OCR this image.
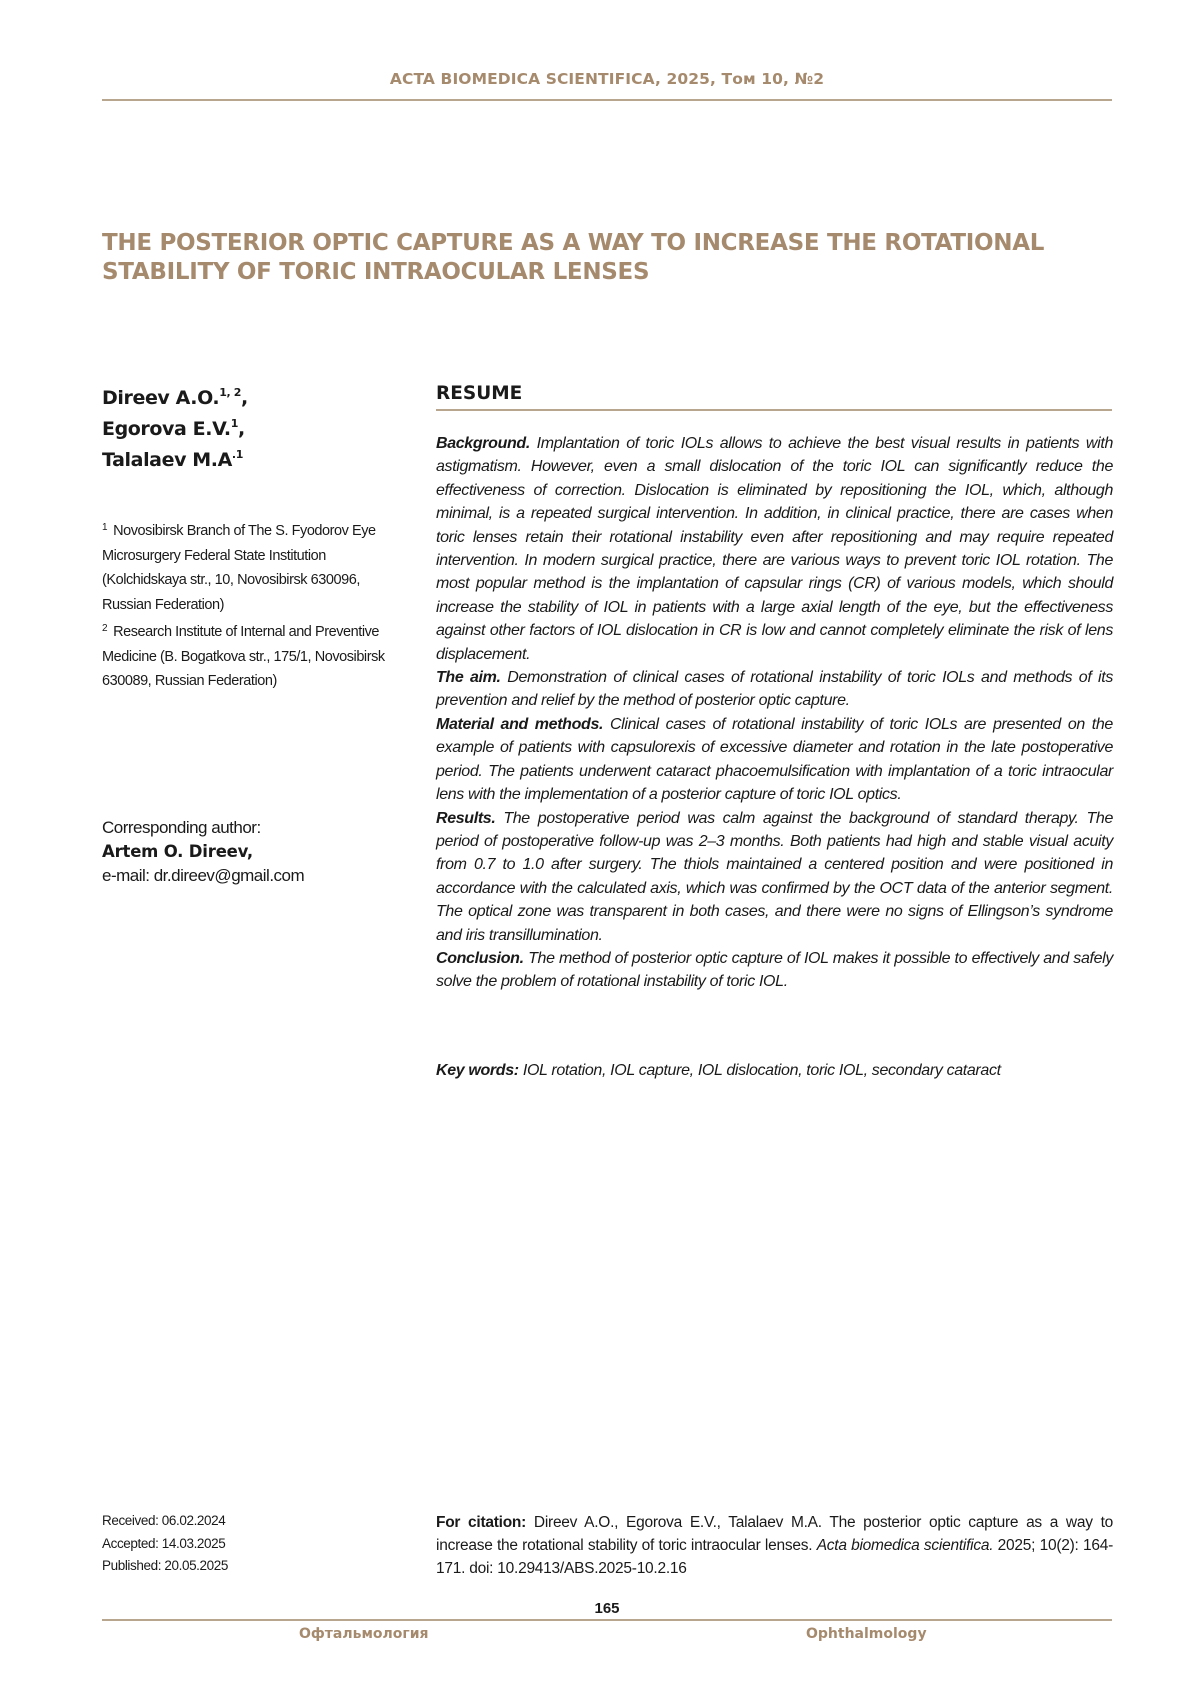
ACTA BIOMEDICA SCIENTIFICA, 2025, Том 10, №2
THE POSTERIOR OPTIC CAPTURE AS A WAY TO INCREASE THE ROTATIONAL STABILITY OF TORIC INTRAOCULAR LENSES
Direev A.O.$^{1, 2}$,
Egorova E.V.$^1$,
Talalaev $M.A^{.1}$
$^1$ Novosibirsk Branch of The S. Fyodorov Eye Microsurgery Federal State Institution (Kolchidskaya str., 10, Novosibirsk 630096, Russian Federation)
$^2$ Research Institute of Internal and Preventive Medicine (B. Bogatkova str., 175/1, Novosibirsk 630089, Russian Federation)
Corresponding author:
Artem O. Direev,
e-mail: dr.direev@gmail.com
RESUME

Background. Implantation of toric IOLs allows to achieve the best visual results in patients with astigmatism. However, even a small dislocation of the toric IOL can significantly reduce the effectiveness of correction. Dislocation is eliminated by repositioning the IOL, which, although minimal, is a repeated surgical intervention. In addition, in clinical practice, there are cases when toric lenses retain their rotational instability even after repositioning and may require repeated intervention. In modern surgical practice, there are various ways to prevent toric IOL rotation. The most popular method is the implantation of capsular rings (CR) of various models, which should increase the stability of IOL in patients with a large axial length of the eye, but the effectiveness against other factors of IOL dislocation in CR is low and cannot completely eliminate the risk of lens displacement.

The aim. Demonstration of clinical cases of rotational instability of toric IOLs and methods of its prevention and relief by the method of posterior optic capture.

Material and methods. Clinical cases of rotational instability of toric IOLs are presented on the example of patients with capsulorexis of excessive diameter and rotation in the late postoperative period. The patients underwent cataract phacoemulsification with implantation of a toric intraocular lens with the implementation of a posterior capture of toric IOL optics.

Results. The postoperative period was calm against the background of standard therapy. The period of postoperative follow-up was 2–3 months. Both patients had high and stable visual acuity from 0.7 to 1.0 after surgery. The thiols maintained a centered position and were positioned in accordance with the calculated axis, which was confirmed by the OCT data of the anterior segment. The optical zone was transparent in both cases, and there were no signs of Ellingson’s syndrome and iris transillumination.

Conclusion. The method of posterior optic capture of IOL makes it possible to effectively and safely solve the problem of rotational instability of toric IOL.

Key words: IOL rotation, IOL capture, IOL dislocation, toric IOL, secondary cataract
Received: 06.02.2024
Accepted: 14.03.2025
Published: 20.05.2025
For citation: Direev A.O., Egorova E.V., Talalaev M.A. The posterior optic capture as a way to increase the rotational stability of toric intraocular lenses. Acta biomedica scientifica. 2025; 10(2): 164-171. doi: 10.29413/ABS.2025-10.2.16
165
Офтальмология	Ophthalmology
